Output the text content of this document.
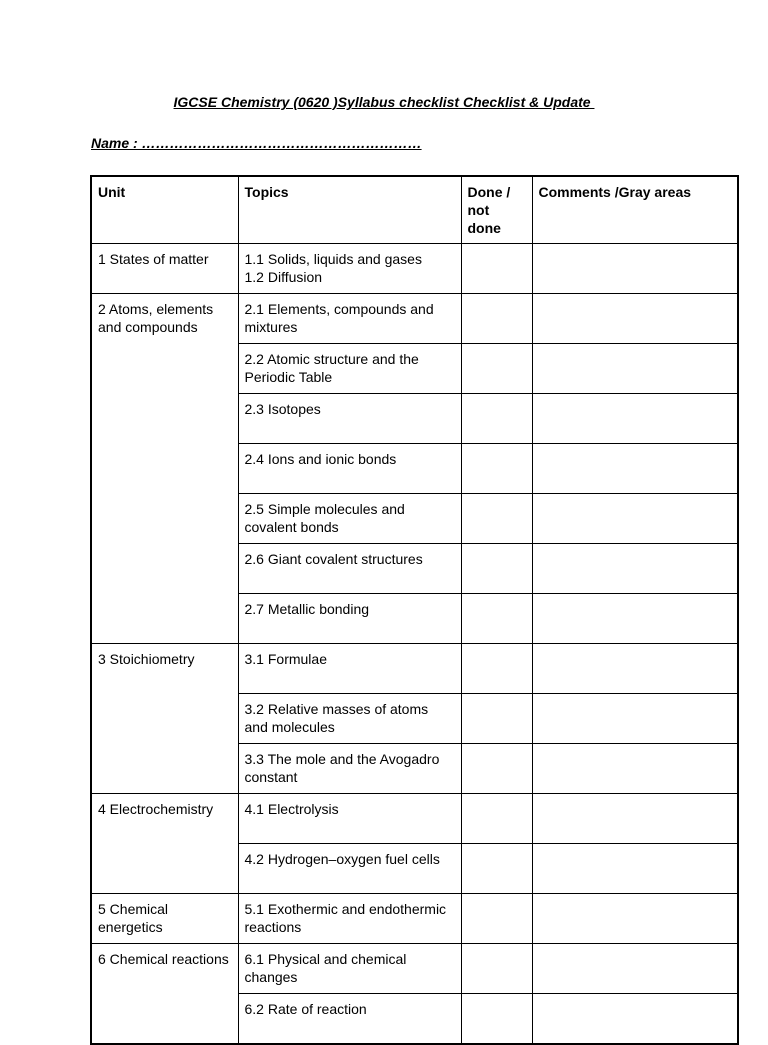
IGCSE Chemistry (0620 )Syllabus checklist Checklist & Update
Name : ……………………………………………………
Unit	Topics	Done /
not
done	Comments /Gray areas
1 States of matter	1.1 Solids, liquids and gases
1.2 Diffusion		

2 Atoms, elements and compounds	2.1 Elements, compounds and mixtures		

	2.2 Atomic structure and the Periodic Table		

	2.3 Isotopes		

	2.4 Ions and ionic bonds		

	2.5 Simple molecules and covalent bonds		

	2.6 Giant covalent structures		

	2.7 Metallic bonding		

3 Stoichiometry	3.1 Formulae		

	3.2 Relative masses of atoms and molecules		

	3.3 The mole and the Avogadro constant		

4 Electrochemistry	4.1 Electrolysis		

	4.2 Hydrogen–oxygen fuel cells		

5 Chemical energetics	5.1 Exothermic and endothermic reactions		

6 Chemical reactions	6.1 Physical and chemical changes		

	6.2 Rate of reaction		
